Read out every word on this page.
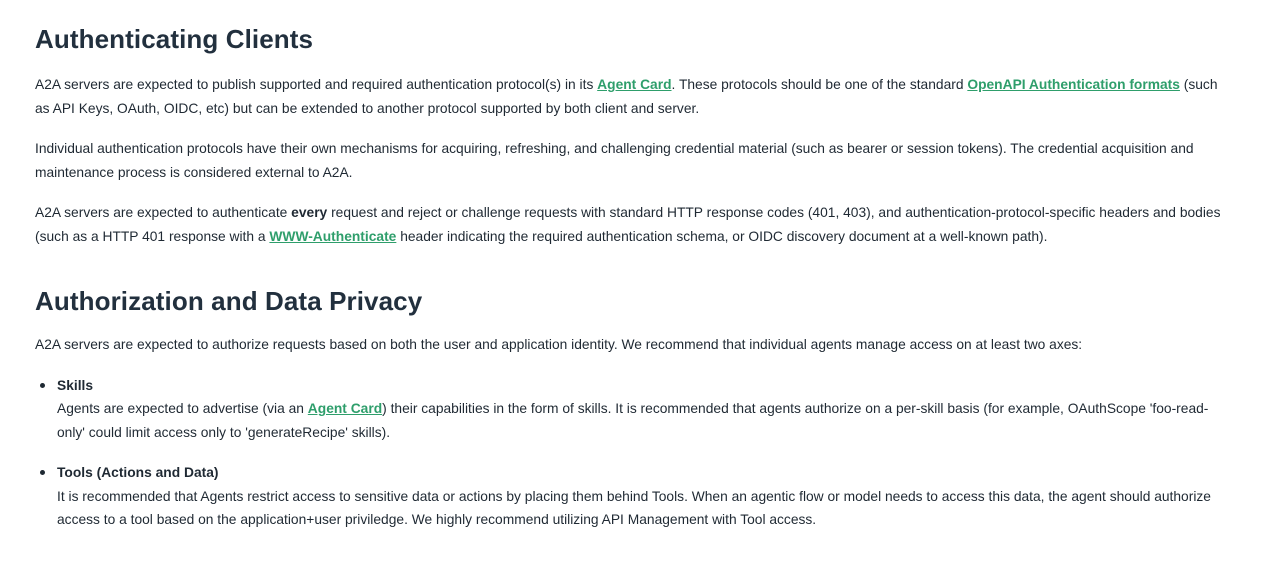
Authenticating Clients

A2A servers are expected to publish supported and required authentication protocol(s) in its Agent Card. These protocols should be one of the standard OpenAPI Authentication formats (such as API Keys, OAuth, OIDC, etc) but can be extended to another protocol supported by both client and server.

Individual authentication protocols have their own mechanisms for acquiring, refreshing, and challenging credential material (such as bearer or session tokens). The credential acquisition and maintenance process is considered external to A2A.

A2A servers are expected to authenticate every request and reject or challenge requests with standard HTTP response codes (401, 403), and authentication-protocol-specific headers and bodies (such as a HTTP 401 response with a WWW-Authenticate header indicating the required authentication schema, or OIDC discovery document at a well-known path).

Authorization and Data Privacy

A2A servers are expected to authorize requests based on both the user and application identity. We recommend that individual agents manage access on at least two axes:

Skills
Agents are expected to advertise (via an Agent Card) their capabilities in the form of skills. It is recommended that agents authorize on a per-skill basis (for example, OAuthScope 'foo-read-only' could limit access only to 'generateRecipe' skills).
Tools (Actions and Data)
It is recommended that Agents restrict access to sensitive data or actions by placing them behind Tools. When an agentic flow or model needs to access this data, the agent should authorize access to a tool based on the application+user priviledge. We highly recommend utilizing API Management with Tool access.
